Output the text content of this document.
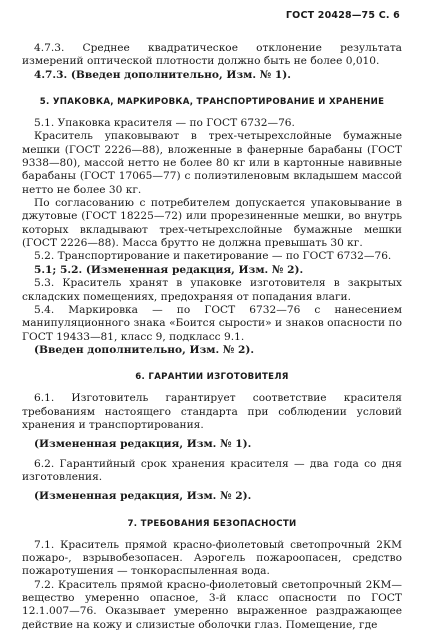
ГОСТ 20428—75 С. 6

4.7.3. Среднее квадратическое отклонение результата измерений оптической плотности должно быть не более 0,010.

4.7.3. (Введен дополнительно, Изм. № 1).

5. УПАКОВКА, МАРКИРОВКА, ТРАНСПОРТИРОВАНИЕ И ХРАНЕНИЕ

5.1. Упаковка красителя — по ГОСТ 6732—76.

Краситель упаковывают в трех-четырехслойные бумажные мешки (ГОСТ 2226—88), вложенные в фанерные барабаны (ГОСТ 9338—80), массой нетто не более 80 кг или в картонные навивные барабаны (ГОСТ 17065—77) с полиэтиленовым вкладышем массой нетто не более 30 кг.

По согласованию с потребителем допускается упаковывание в джутовые (ГОСТ 18225—72) или прорезиненные мешки, во внутрь которых вкладывают трех-четырехслойные бумажные мешки (ГОСТ 2226—88). Масса брутто не должна превышать 30 кг.

5.2. Транспортирование и пакетирование — по ГОСТ 6732—76.

5.1; 5.2. (Измененная редакция, Изм. № 2).

5.3. Краситель хранят в упаковке изготовителя в закрытых складских помещениях, предохраняя от попадания влаги.

5.4. Маркировка — по ГОСТ 6732—76 с нанесением манипуляционного знака «Боится сырости» и знаков опасности по ГОСТ 19433—81, класс 9, подкласс 9.1.

(Введен дополнительно, Изм. № 2).

6. ГАРАНТИИ ИЗГОТОВИТЕЛЯ

6.1. Изготовитель гарантирует соответствие красителя требованиям настоящего стандарта при соблюдении условий хранения и транспортирования.

(Измененная редакция, Изм. № 1).

6.2. Гарантийный срок хранения красителя — два года со дня изготовления.

(Измененная редакция, Изм. № 2).

7. ТРЕБОВАНИЯ БЕЗОПАСНОСТИ

7.1. Краситель прямой красно-фиолетовый светопрочный 2КМ пожаро-, взрывобезопасен. Аэрогель пожароопасен, средство пожаротушения — тонкораспыленная вода.

7.2. Краситель прямой красно-фиолетовый светопрочный 2КМ—вещество умеренно опасное, 3-й класс опасности по ГОСТ 12.1.007—76. Оказывает умеренно выраженное раздражающее действие на кожу и слизистые оболочки глаз. Помещение, где
